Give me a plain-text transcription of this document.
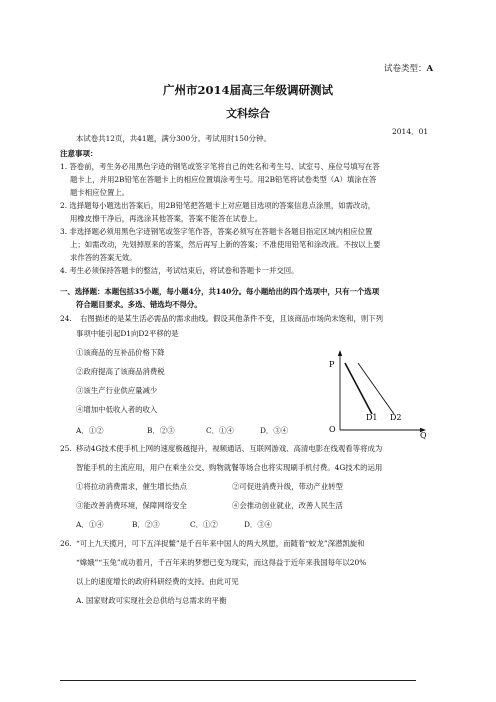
试卷类型：A
广州市2014届高三年级调研测试
文科综合
2014．01
本试卷共12页，共41题，满分300分。考试用时150分钟。
注意事项：
1. 答卷前，考生务必用黑色字迹的钢笔或签字笔将自己的姓名和考生号、试室号、座位号填写在答
题卡上，并用2B铅笔在答题卡上的相应位置填涂考生号。用2B铅笔将试卷类型（A）填涂在答
题卡相应位置上。
2. 选择题每小题选出答案后，用2B铅笔把答题卡上对应题目选项的答案信息点涂黑，如需改动，
用橡皮擦干净后，再选涂其他答案，答案不能答在试卷上。
3. 非选择题必须用黑色字迹钢笔或签字笔作答，答案必须写在答题卡各题目指定区域内相应位置
上；如需改动，先划掉原来的答案，然后再写上新的答案；不准使用铅笔和涂改液。不按以上要
求作答的答案无效。
4. 考生必须保持答题卡的整洁，考试结束后，将试卷和答题卡一并交回。
一、选择题：本题包括35小题，每小题4分，共140分。每小题给出的四个选项中，只有一个选项
符合题目要求。多选、错选均不得分。
24. 右图描述的是某生活必需品的需求曲线。假设其他条件不变，且该商品市场尚未饱和，则下列
事项中能引起D1向D2平移的是
①该商品的互补品价格下降
②政府提高了该商品消费税
③该生产行业供应量减少
④增加中低收入者的收入
A．①②	B．②③	C．①④	D．③④
P
O
Q
D1 D2
25. 移动4G技术使手机上网的速度极越提升，视频通话、互联网游戏、高清电影在线观看等将成为
智能手机的主流应用，用户在乘坐公交、购物就餐等场合也将实现刷手机付费。4G技术的运用
①将拉动消费需求，催生增长热点	②可促进消费升级，带动产业转型
③能改善消费环境，保障网络安全	④会推动创业就业，改善人民生活
A．①④	B．②③	C．①②	D．③④
26. “可上九天揽月，可下五洋捉鳖”是千百年来中国人的两大夙愿，而随着“蛟龙”深潜凯旋和
“嫦娥”“玉兔”成功着月，千百年来的梦想已变为现实，而这得益于近年来我国每年以20%
以上的速度增长的政府科研经费的支持。由此可见
A. 国家财政可实现社会总供给与总需求的平衡
